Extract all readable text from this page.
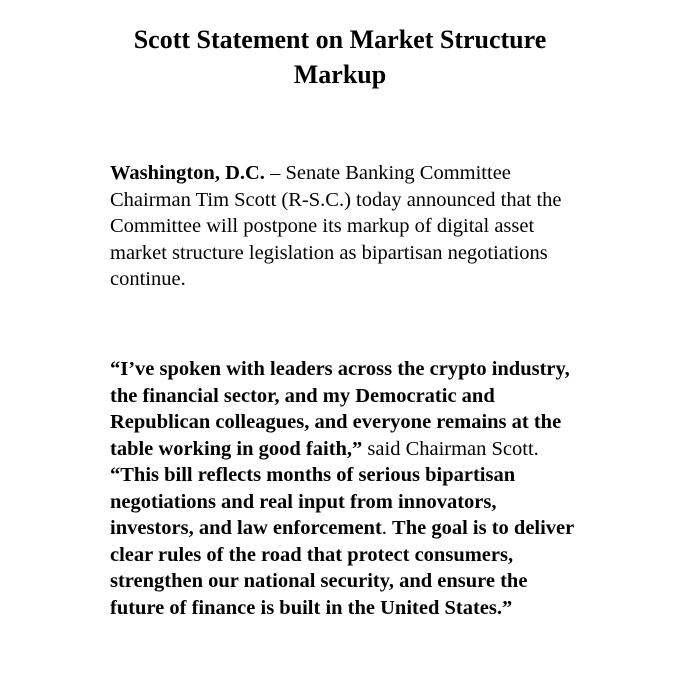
Scott Statement on Market Structure
Markup

Washington, D.C. – Senate Banking Committee Chairman Tim Scott (R-S.C.) today announced that the Committee will postpone its markup of digital asset market structure legislation as bipartisan negotiations continue.

“I’ve spoken with leaders across the crypto industry, the financial sector, and my Democratic and Republican colleagues, and everyone remains at the table working in good faith,” said Chairman Scott. “This bill reflects months of serious bipartisan negotiations and real input from innovators, investors, and law enforcement. The goal is to deliver clear rules of the road that protect consumers, strengthen our national security, and ensure the future of finance is built in the United States.”
